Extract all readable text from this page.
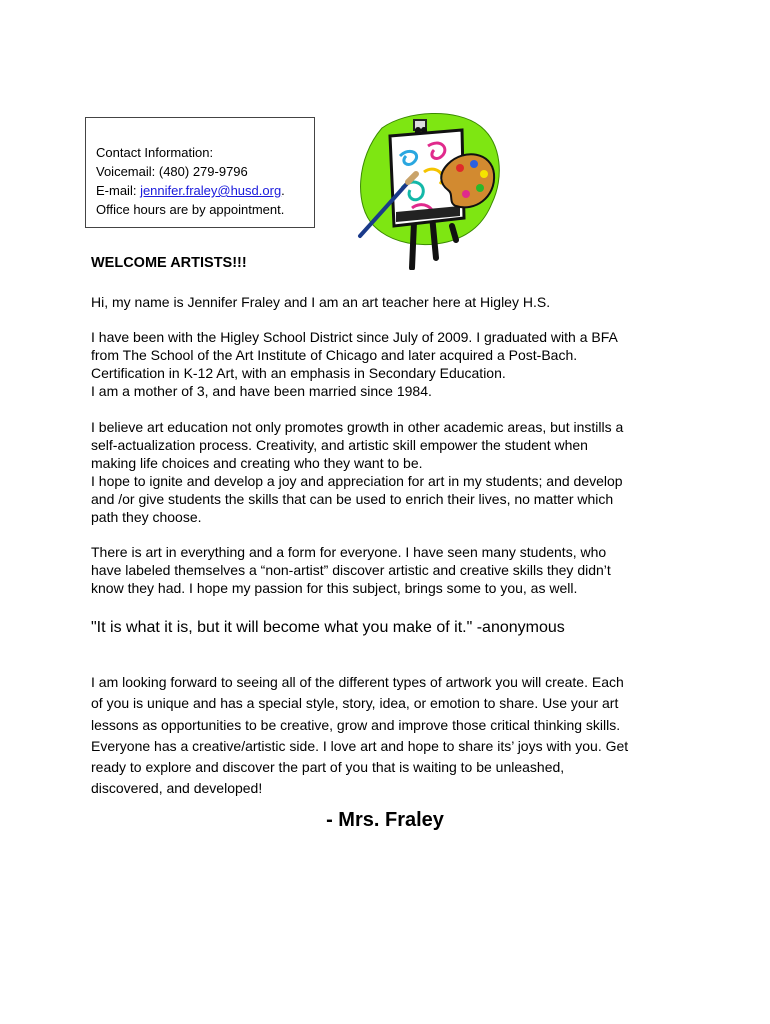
Contact Information:
Voicemail: (480) 279-9796
E-mail: jennifer.fraley@husd.org.
Office hours are by appointment.
WELCOME ARTISTS!!!
Hi, my name is Jennifer Fraley and I am an art teacher here at Higley H.S.
I have been with the Higley School District since July of 2009. I graduated with a BFA
from The School of the Art Institute of Chicago and later acquired a Post-Bach.
Certification in K-12 Art, with an emphasis in Secondary Education.
I am a mother of 3, and have been married since 1984.
I believe art education not only promotes growth in other academic areas, but instills a
self-actualization process. Creativity, and artistic skill empower the student when
making life choices and creating who they want to be.
I hope to ignite and develop a joy and appreciation for art in my students; and develop
and /or give students the skills that can be used to enrich their lives, no matter which
path they choose.
There is art in everything and a form for everyone. I have seen many students, who
have labeled themselves a “non-artist” discover artistic and creative skills they didn’t
know they had. I hope my passion for this subject, brings some to you, as well.
"It is what it is, but it will become what you make of it." -anonymous
I am looking forward to seeing all of the different types of artwork you will create. Each
of you is unique and has a special style, story, idea, or emotion to share. Use your art
lessons as opportunities to be creative, grow and improve those critical thinking skills.
Everyone has a creative/artistic side. I love art and hope to share its’ joys with you. Get
ready to explore and discover the part of you that is waiting to be unleashed,
discovered, and developed!
- Mrs. Fraley
